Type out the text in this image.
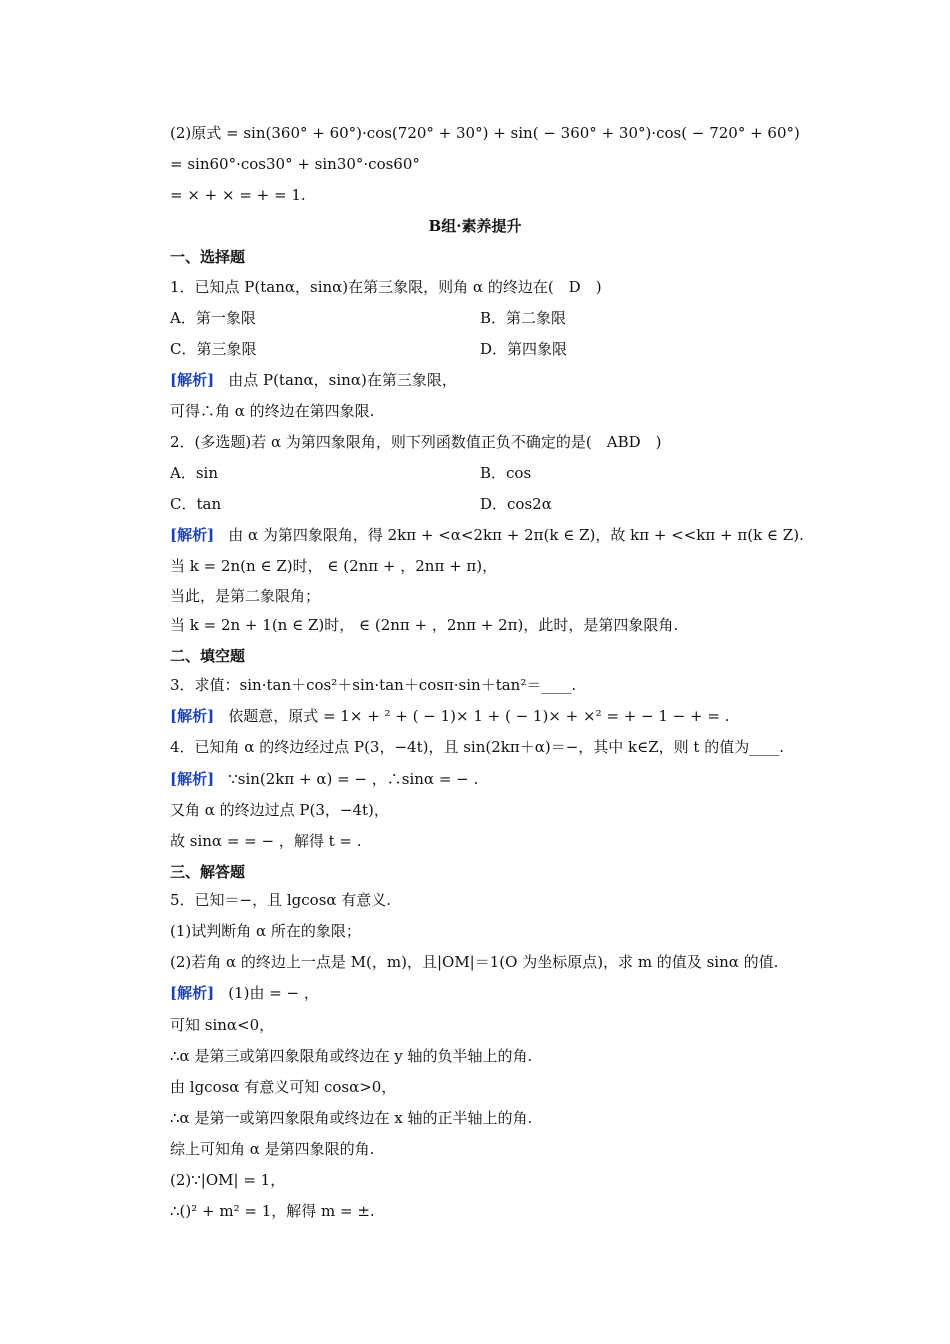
(2)原式 = sin(360° + 60°)·cos(720° + 30°) + sin( − 360° + 30°)·cos( − 720° + 60°)
= sin60°·cos30° + sin30°·cos60°
= × + × = + = 1.
B组·素养提升
一、选择题
1．已知点 P(tanα，sinα)在第三象限，则角 α 的终边在(　D　)
A．第一象限	B．第二象限
C．第三象限	D．第四象限
[解析] 由点 P(tanα，sinα)在第三象限，
可得∴角 α 的终边在第四象限.
2．(多选题)若 α 为第四象限角，则下列函数值正负不确定的是(　ABD　)
A．sin	B．cos
C．tan	D．cos2α
[解析] 由 α 为第四象限角，得 2kπ + <α<2kπ + 2π(k ∈ Z)，故 kπ + <<kπ + π(k ∈ Z).
当 k = 2n(n ∈ Z)时， ∈ (2nπ + ，2nπ + π)，
当此，是第二象限角；
当 k = 2n + 1(n ∈ Z)时， ∈ (2nπ + ，2nπ + 2π)，此时，是第四象限角.
二、填空题
3．求值：sin·tan＋cos²＋sin·tan＋cosπ·sin＋tan²＝____.
[解析] 依题意，原式 = 1× + ² + ( − 1)× 1 + ( − 1)× + ×² = + − 1 − + = .
4．已知角 α 的终边经过点 P(3，−4t)，且 sin(2kπ＋α)＝−，其中 k∈Z，则 t 的值为____.
[解析] ∵sin(2kπ + α) = − ，∴sinα = − .
又角 α 的终边过点 P(3，−4t)，
故 sinα = = − ，解得 t = .
三、解答题
5．已知＝−，且 lgcosα 有意义.
(1)试判断角 α 所在的象限；
(2)若角 α 的终边上一点是 M(，m)，且|OM|＝1(O 为坐标原点)，求 m 的值及 sinα 的值.
[解析] (1)由 = − ，
可知 sinα<0，
∴α 是第三或第四象限角或终边在 y 轴的负半轴上的角.
由 lgcosα 有意义可知 cosα>0，
∴α 是第一或第四象限角或终边在 x 轴的正半轴上的角.
综上可知角 α 是第四象限的角.
(2)∵|OM| = 1，
∴()² + m² = 1，解得 m = ±.
